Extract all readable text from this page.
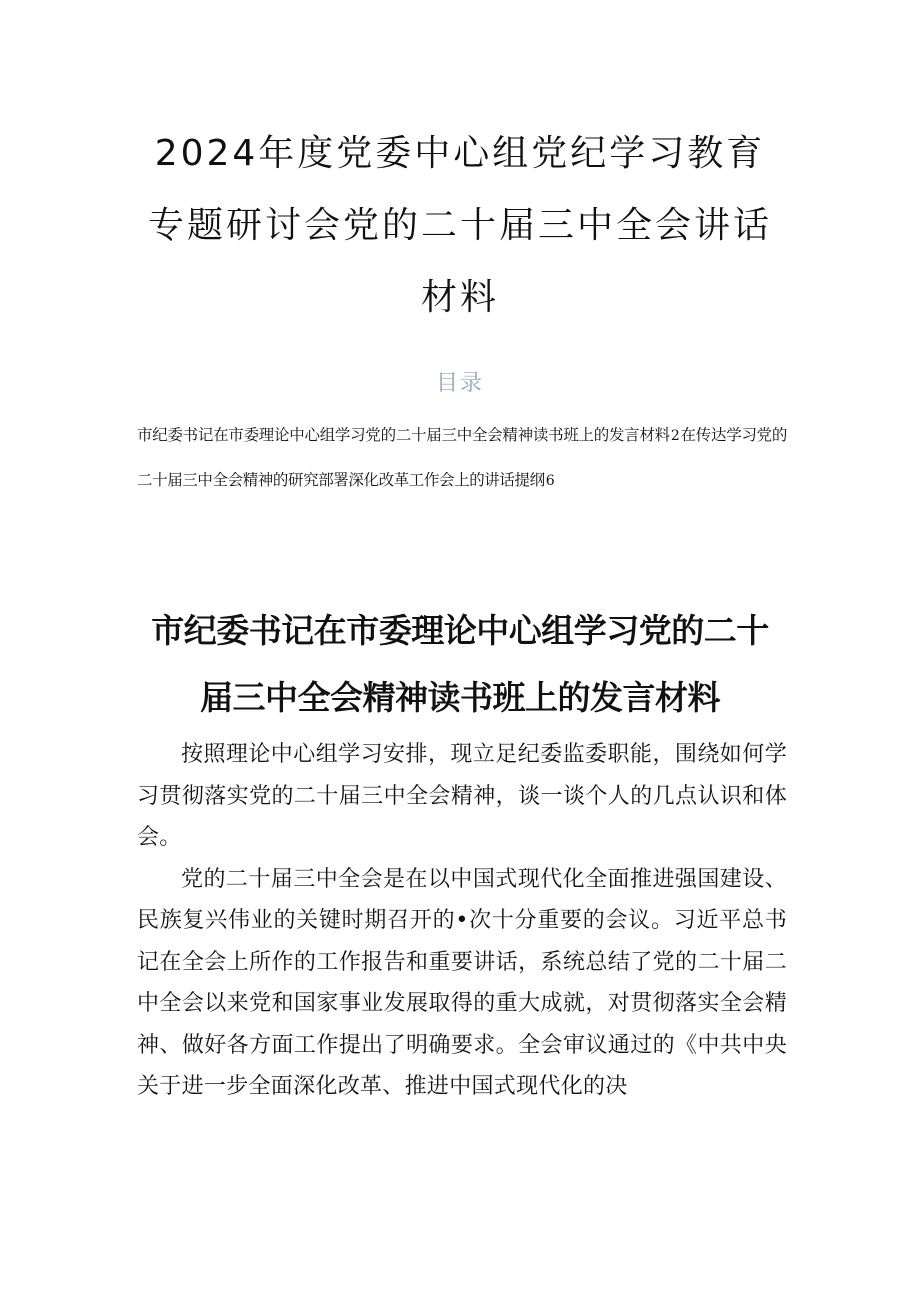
2024年度党委中心组党纪学习教育专题研讨会党的二十届三中全会讲话材料
目录
市纪委书记在市委理论中心组学习党的二十届三中全会精神读书班上的发言材料2在传达学习党的二十届三中全会精神的研究部署深化改革工作会上的讲话提纲6
市纪委书记在市委理论中心组学习党的二十届三中全会精神读书班上的发言材料

按照理论中心组学习安排，现立足纪委监委职能，围绕如何学习贯彻落实党的二十届三中全会精神，谈一谈个人的几点认识和体会。

党的二十届三中全会是在以中国式现代化全面推进强国建设、民族复兴伟业的关键时期召开的•次十分重要的会议。习近平总书记在全会上所作的工作报告和重要讲话，系统总结了党的二十届二中全会以来党和国家事业发展取得的重大成就，对贯彻落实全会精神、做好各方面工作提出了明确要求。全会审议通过的《中共中央关于进一步全面深化改革、推进中国式现代化的决
